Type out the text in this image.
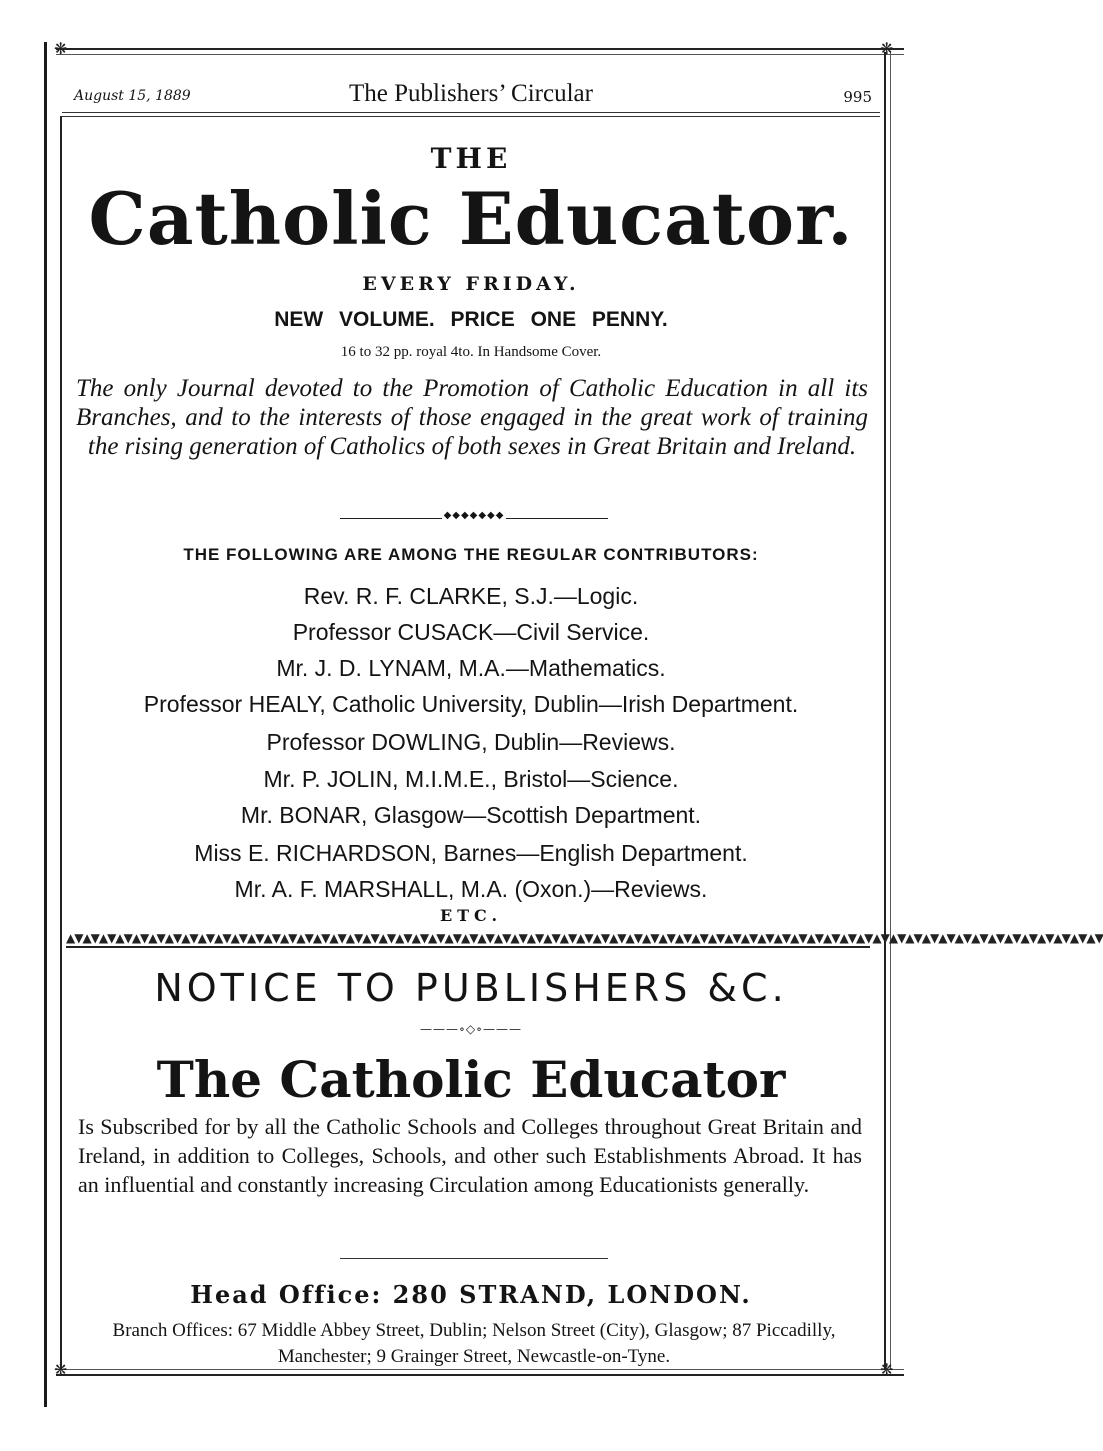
❋	❋
❋	❋
August 15, 1889	The Publishers’ Circular	995
THE
Catholic Educator.
EVERY FRIDAY.
NEW VOLUME. PRICE ONE PENNY.
16 to 32 pp. royal 4to. In Handsome Cover.
The only Journal devoted to the Promotion of Catholic Education in all its Branches, and to the interests of those engaged in the great work of training the rising generation of Catholics of both sexes in Great Britain and Ireland.
◆◆◆◆◆◆◆
THE FOLLOWING ARE AMONG THE REGULAR CONTRIBUTORS:
Rev. R. F. CLARKE, S.J.—Logic.
Professor CUSACK—Civil Service.
Mr. J. D. LYNAM, M.A.—Mathematics.
Professor HEALY, Catholic University, Dublin—Irish Department.
Professor DOWLING, Dublin—Reviews.
Mr. P. JOLIN, M.I.M.E., Bristol—Science.
Mr. BONAR, Glasgow—Scottish Department.
Miss E. RICHARDSON, Barnes—English Department.
Mr. A. F. MARSHALL, M.A. (Oxon.)—Reviews.
ETC.
▲▼▲▼▲▼▲▼▲▼▲▼▲▼▲▼▲▼▲▼▲▼▲▼▲▼▲▼▲▼▲▼▲▼▲▼▲▼▲▼▲▼▲▼▲▼▲▼▲▼▲▼▲▼▲▼▲▼▲▼▲▼▲▼▲▼▲▼▲▼▲▼▲▼▲▼▲▼▲▼▲▼▲▼▲▼▲▼▲▼▲▼▲▼▲▼▲▼▲▼▲▼▲▼▲▼▲▼▲▼▲▼▲▼▲▼▲▼▲▼▲▼▲▼▲▼
NOTICE TO PUBLISHERS &C.
———∘◇∘———
The Catholic Educator
Is Subscribed for by all the Catholic Schools and Colleges throughout Great Britain and Ireland, in addition to Colleges, Schools, and other such Establishments Abroad. It has an influential and constantly increasing Circulation among Educationists generally.
Head Office: 280 STRAND, LONDON.
Branch Offices: 67 Middle Abbey Street, Dublin; Nelson Street (City), Glasgow; 87 Piccadilly, Manchester; 9 Grainger Street, Newcastle-on-Tyne.
